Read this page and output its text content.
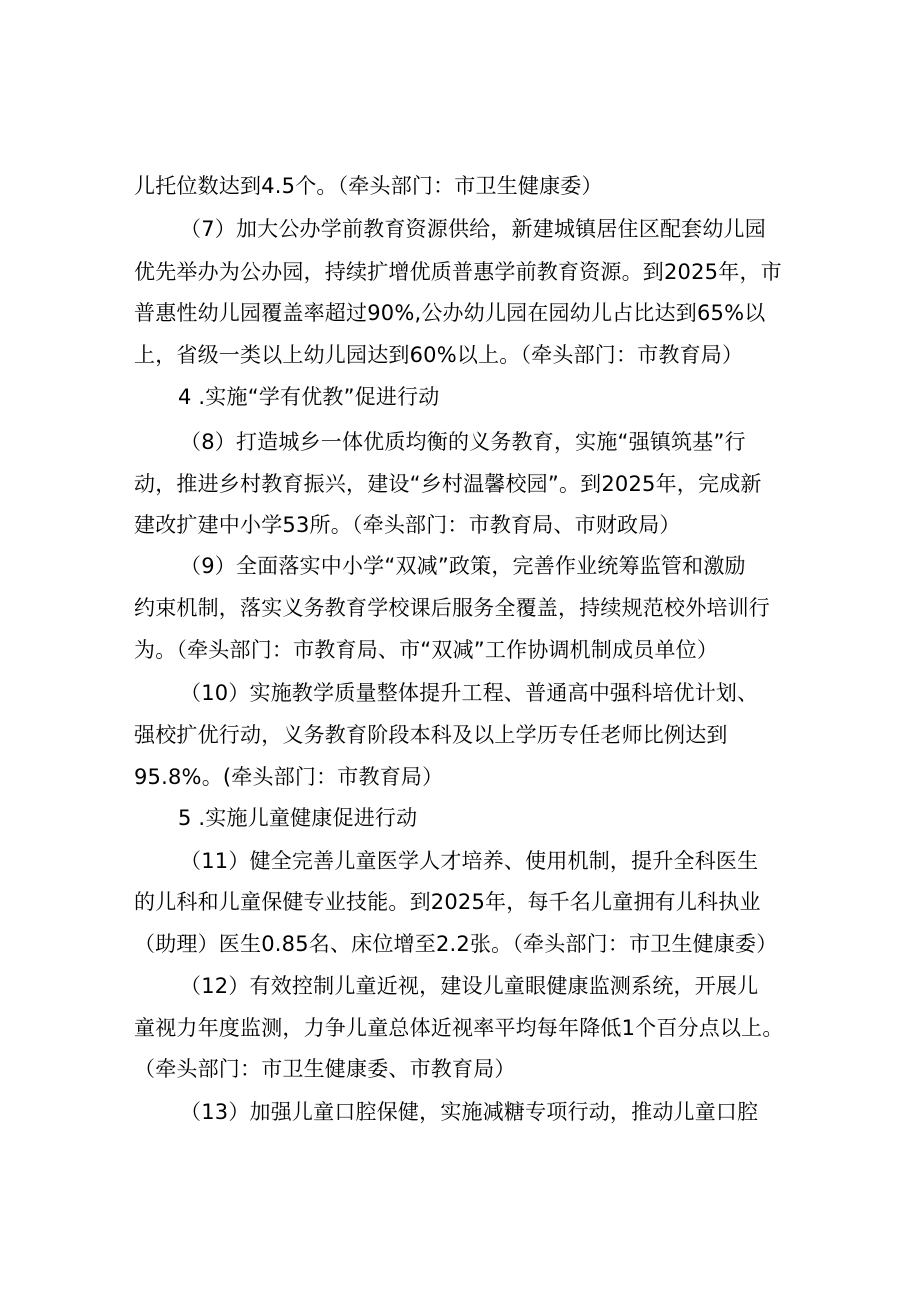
儿托位数达到4.5个。（牵头部门：市卫生健康委）
（7）加大公办学前教育资源供给，新建城镇居住区配套幼儿园
优先举办为公办园，持续扩增优质普惠学前教育资源。到2025年，市
普惠性幼儿园覆盖率超过90%,公办幼儿园在园幼儿占比达到65%以
上，省级一类以上幼儿园达到60%以上。（牵头部门：市教育局）
4 .实施“学有优教”促进行动
（8）打造城乡一体优质均衡的义务教育，实施“强镇筑基”行
动，推进乡村教育振兴，建设“乡村温馨校园”。到2025年，完成新
建改扩建中小学53所。（牵头部门：市教育局、市财政局）
（9）全面落实中小学“双减”政策，完善作业统筹监管和激励
约束机制，落实义务教育学校课后服务全覆盖，持续规范校外培训行
为。（牵头部门：市教育局、市“双减”工作协调机制成员单位）
（10）实施教学质量整体提升工程、普通高中强科培优计划、
强校扩优行动，义务教育阶段本科及以上学历专任老师比例达到
95.8%。(牵头部门：市教育局）
5 .实施儿童健康促进行动
（11）健全完善儿童医学人才培养、使用机制，提升全科医生
的儿科和儿童保健专业技能。到2025年，每千名儿童拥有儿科执业
（助理）医生0.85名、床位增至2.2张。（牵头部门：市卫生健康委）
（12）有效控制儿童近视，建设儿童眼健康监测系统，开展儿
童视力年度监测，力争儿童总体近视率平均每年降低1个百分点以上。
（牵头部门：市卫生健康委、市教育局）
（13）加强儿童口腔保健，实施减糖专项行动，推动儿童口腔
